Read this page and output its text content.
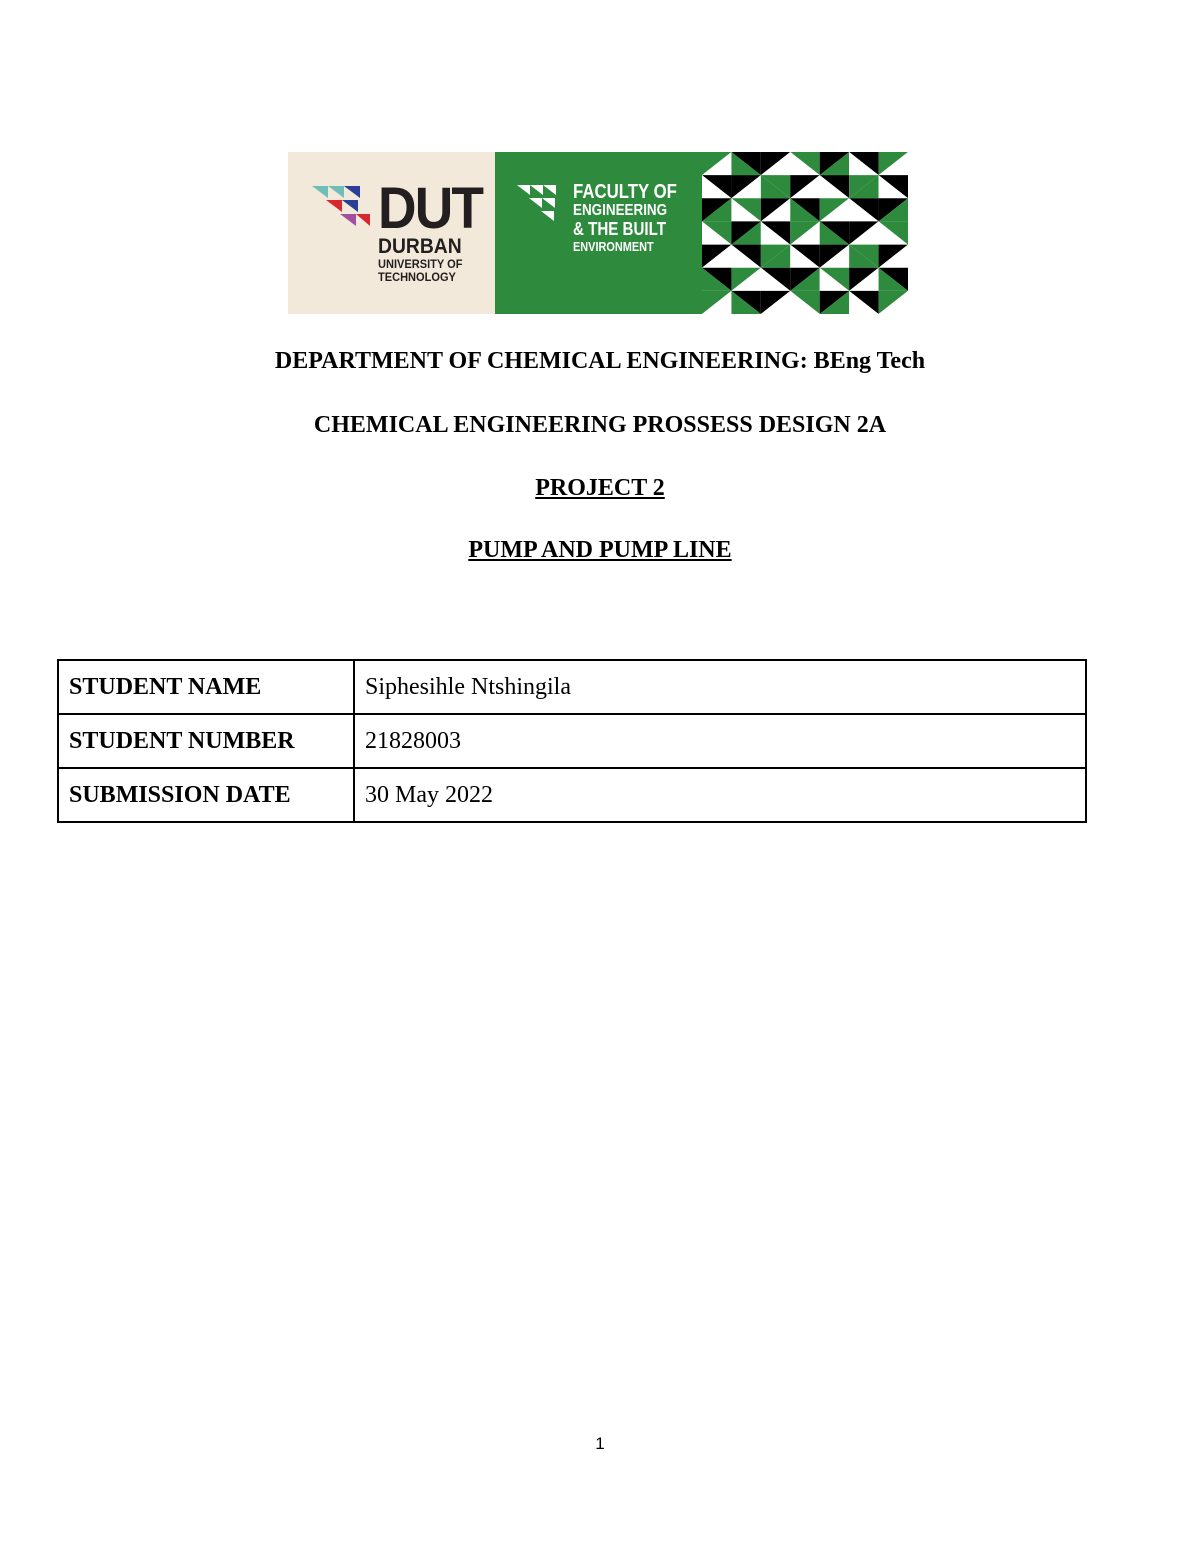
DUT
DURBAN
UNIVERSITY OF
TECHNOLOGY
FACULTY OF
ENGINEERING
& THE BUILT
ENVIRONMENT
DEPARTMENT OF CHEMICAL ENGINEERING: BEng Tech
CHEMICAL ENGINEERING PROSSESS DESIGN 2A
PROJECT 2
PUMP AND PUMP LINE
STUDENT NAME	Siphesihle Ntshingila
STUDENT NUMBER	21828003
SUBMISSION DATE	30 May 2022
1
